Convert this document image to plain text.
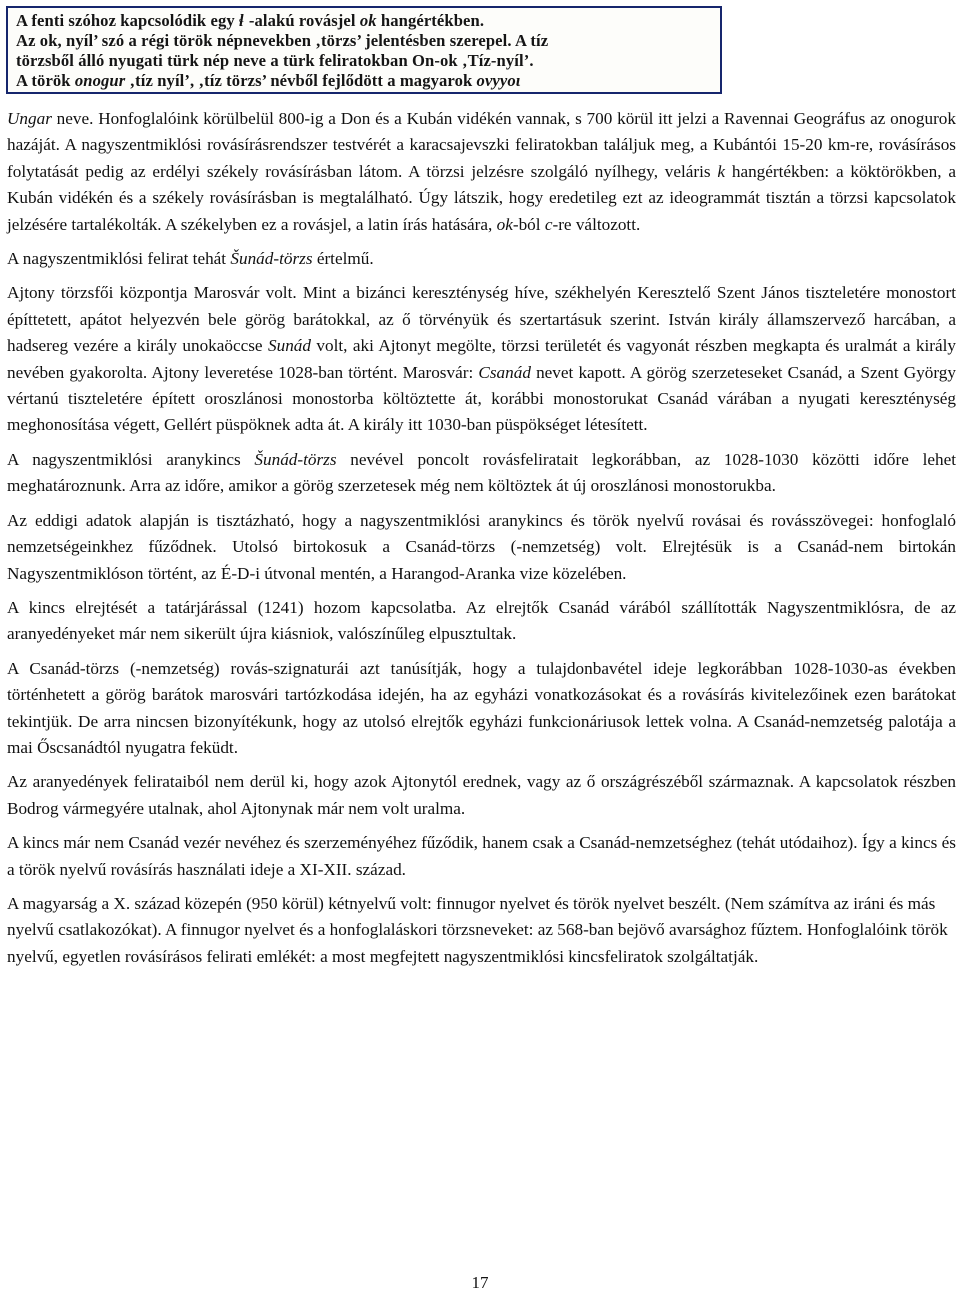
A fenti szóhoz kapcsolódik egy ɬ -alakú rovásjel ok hangértékben.
Az ok, nyíl’ szó a régi török népnevekben ‚törzs’ jelentésben szerepel. A tíz
törzsből álló nyugati türk nép neve a türk feliratokban On-ok ‚Tíz-nyíl’.
A török onogur ‚tíz nyíl’, ‚tíz törzs’ névből fejlődött a magyarok ovyyoɩ

Ungar neve. Honfoglalóink körülbelül 800-ig a Don és a Kubán vidékén vannak, s 700 körül itt jelzi a Ravennai Geográfus az onogurok hazáját. A nagyszentmiklósi rovásírásrendszer testvérét a karacsajevszki feliratokban találjuk meg, a Kubántói 15-20 km-re, rovásírásos folytatását pedig az erdélyi székely rovásírásban látom. A törzsi jelzésre szolgáló nyílhegy, veláris k hangértékben: a köktörökben, a Kubán vidékén és a székely rovásírásban is megtalálható. Úgy látszik, hogy eredetileg ezt az ideogrammát tisztán a törzsi kapcsolatok jelzésére tartalékolták. A székelyben ez a rovásjel, a latin írás hatására, ok-ból c-re változott.

A nagyszentmiklósi felirat tehát Šunád-törzs értelmű.

Ajtony törzsfői központja Marosvár volt. Mint a bizánci kereszténység híve, székhelyén Keresztelő Szent János tiszteletére monostort építtetett, apátot helyezvén bele görög barátokkal, az ő törvényük és szertartásuk szerint. István király államszervező harcában, a hadsereg vezére a király unokaöccse Sunád volt, aki Ajtonyt megölte, törzsi területét és vagyonát részben megkapta és uralmát a király nevében gyakorolta. Ajtony leveretése 1028-ban történt. Marosvár: Csanád nevet kapott. A görög szerzeteseket Csanád, a Szent György vértanú tiszteletére épített oroszlánosi monostorba költöztette át, korábbi monostorukat Csanád várában a nyugati kereszténység meghonosítása végett, Gellért püspöknek adta át. A király itt 1030-ban püspökséget létesített.

A nagyszentmiklósi aranykincs Šunád-törzs nevével poncolt rovásfeliratait legkorábban, az 1028-1030 közötti időre lehet meghatároznunk. Arra az időre, amikor a görög szerzetesek még nem költöztek át új oroszlánosi monostorukba.

Az eddigi adatok alapján is tisztázható, hogy a nagyszentmiklósi aranykincs és török nyelvű rovásai és rovásszövegei: honfoglaló nemzetségeinkhez fűződnek. Utolsó birtokosuk a Csanád-törzs (-nemzetség) volt. Elrejtésük is a Csanád-nem birtokán Nagyszentmiklóson történt, az É-D-i útvonal mentén, a Harangod-Aranka vize közelében.

A kincs elrejtését a tatárjárással (1241) hozom kapcsolatba. Az elrejtők Csanád várából szállították Nagyszentmiklósra, de az aranyedényeket már nem sikerült újra kiásniok, valószínűleg elpusztultak.

A Csanád-törzs (-nemzetség) rovás-szignaturái azt tanúsítják, hogy a tulajdonbavétel ideje legkorábban 1028-1030-as években történhetett a görög barátok marosvári tartózkodása idején, ha az egyházi vonatkozásokat és a rovásírás kivitelezőinek ezen barátokat tekintjük. De arra nincsen bizonyítékunk, hogy az utolsó elrejtők egyházi funkcionáriusok lettek volna. A Csanád-nemzetség palotája a mai Őscsanádtól nyugatra feküdt.

Az aranyedények felirataiból nem derül ki, hogy azok Ajtonytól erednek, vagy az ő országrészéből származnak. A kapcsolatok részben Bodrog vármegyére utalnak, ahol Ajtonynak már nem volt uralma.

A kincs már nem Csanád vezér nevéhez és szerzeményéhez fűződik, hanem csak a Csanád-nemzetséghez (tehát utódaihoz). Így a kincs és a török nyelvű rovásírás használati ideje a XI-XII. század.

A magyarság a X. század közepén (950 körül) kétnyelvű volt: finnugor nyelvet és török nyelvet beszélt. (Nem számítva az iráni és más nyelvű csatlakozókat). A finnugor nyelvet és a honfoglaláskori törzsneveket: az 568-ban bejövő avarsághoz fűztem. Honfoglalóink török nyelvű, egyetlen rovásírásos felirati emlékét: a most megfejtett nagyszentmiklósi kincsfeliratok szolgáltatják.

17
